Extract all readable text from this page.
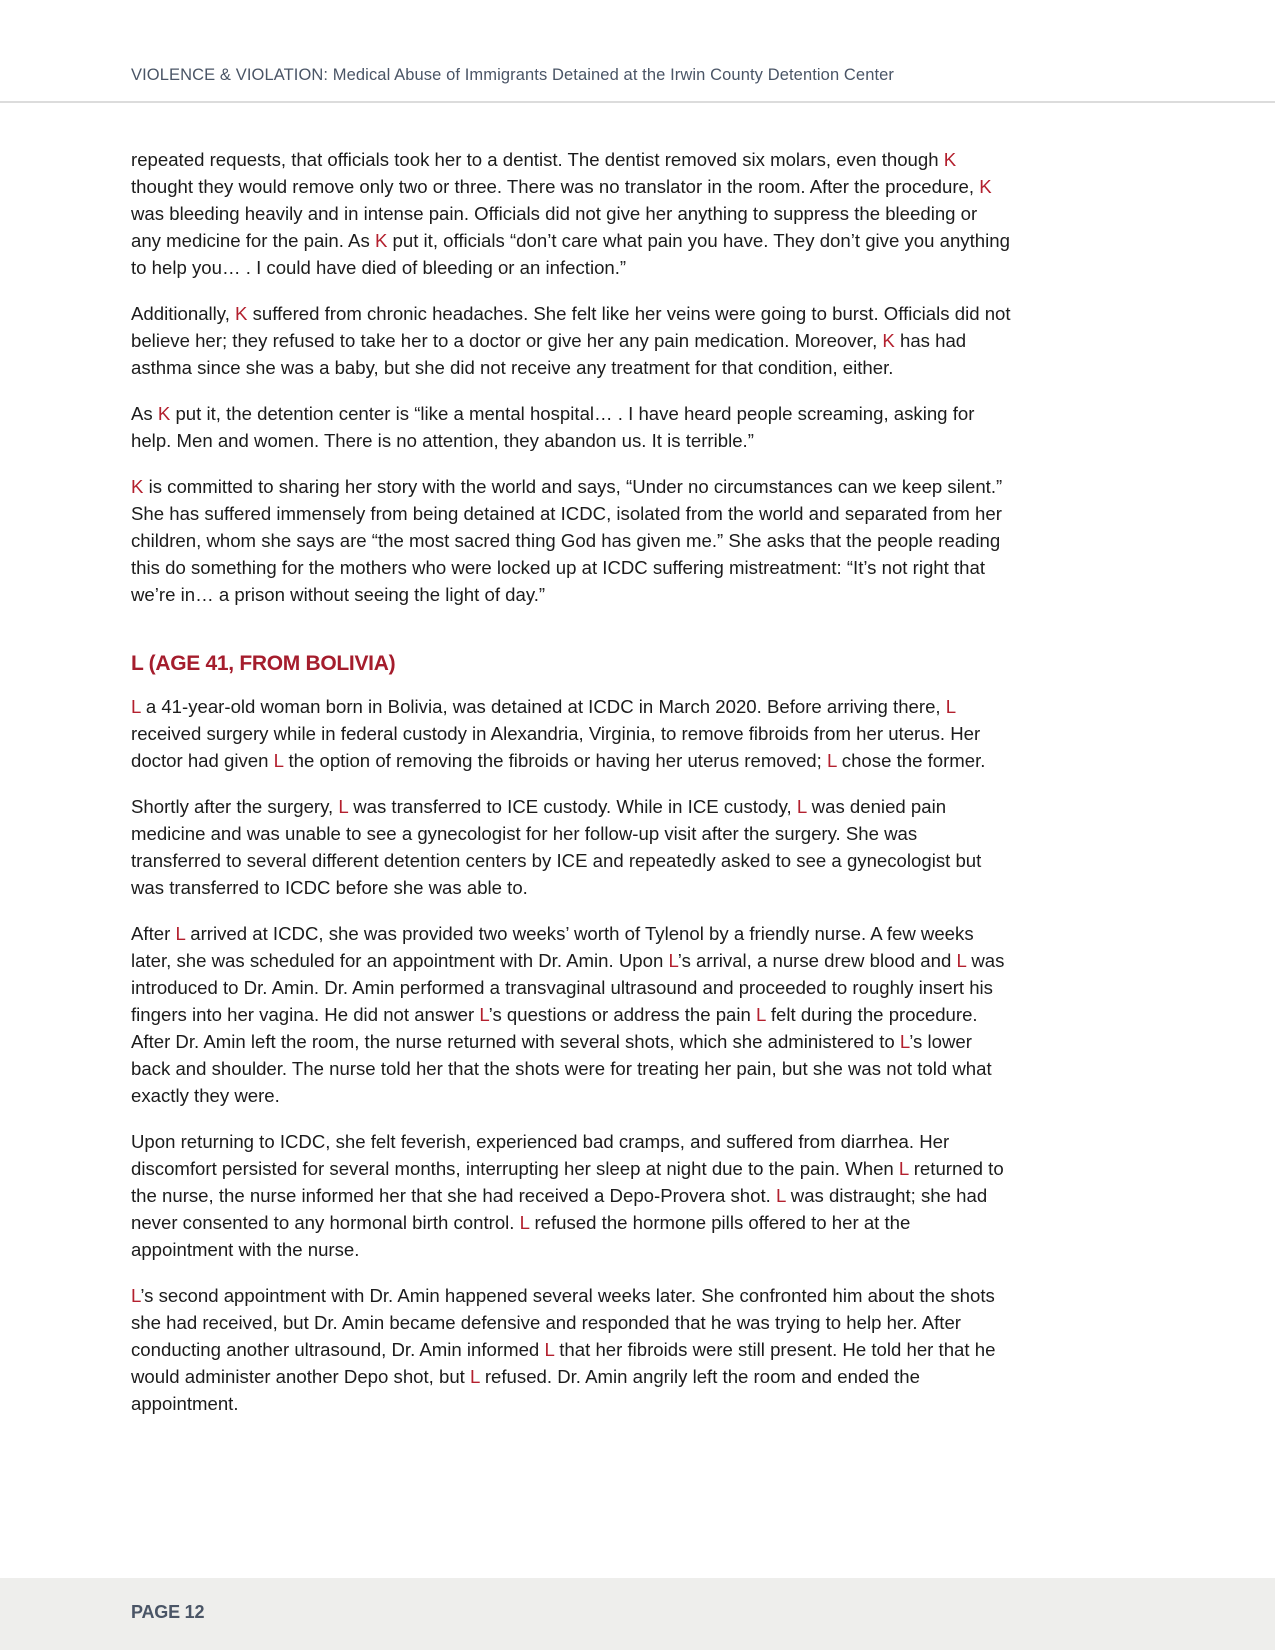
VIOLENCE & VIOLATION: Medical Abuse of Immigrants Detained at the Irwin County Detention Center

repeated requests, that officials took her to a dentist. The dentist removed six molars, even though K thought they would remove only two or three. There was no translator in the room. After the procedure, K was bleeding heavily and in intense pain. Officials did not give her anything to suppress the bleeding or any medicine for the pain. As K put it, officials “don’t care what pain you have. They don’t give you anything to help you… . I could have died of bleeding or an infection.”

Additionally, K suffered from chronic headaches. She felt like her veins were going to burst. Officials did not believe her; they refused to take her to a doctor or give her any pain medication. Moreover, K has had asthma since she was a baby, but she did not receive any treatment for that condition, either.

As K put it, the detention center is “like a mental hospital… . I have heard people screaming, asking for help. Men and women. There is no attention, they abandon us. It is terrible.”

K is committed to sharing her story with the world and says, “Under no circumstances can we keep silent.” She has suffered immensely from being detained at ICDC, isolated from the world and separated from her children, whom she says are “the most sacred thing God has given me.” She asks that the people reading this do something for the mothers who were locked up at ICDC suffering mistreatment: “It’s not right that we’re in… a prison without seeing the light of day.”

L (AGE 41, FROM BOLIVIA)

L a 41-year-old woman born in Bolivia, was detained at ICDC in March 2020. Before arriving there, L received surgery while in federal custody in Alexandria, Virginia, to remove fibroids from her uterus. Her doctor had given L the option of removing the fibroids or having her uterus removed; L chose the former.

Shortly after the surgery, L was transferred to ICE custody. While in ICE custody, L was denied pain medicine and was unable to see a gynecologist for her follow-up visit after the surgery. She was transferred to several different detention centers by ICE and repeatedly asked to see a gynecologist but was transferred to ICDC before she was able to.

After L arrived at ICDC, she was provided two weeks’ worth of Tylenol by a friendly nurse. A few weeks later, she was scheduled for an appointment with Dr. Amin. Upon L’s arrival, a nurse drew blood and L was introduced to Dr. Amin. Dr. Amin performed a transvaginal ultrasound and proceeded to roughly insert his fingers into her vagina. He did not answer L’s questions or address the pain L felt during the procedure. After Dr. Amin left the room, the nurse returned with several shots, which she administered to L’s lower back and shoulder. The nurse told her that the shots were for treating her pain, but she was not told what exactly they were.

Upon returning to ICDC, she felt feverish, experienced bad cramps, and suffered from diarrhea. Her discomfort persisted for several months, interrupting her sleep at night due to the pain. When L returned to the nurse, the nurse informed her that she had received a Depo-Provera shot. L was distraught; she had never consented to any hormonal birth control. L refused the hormone pills offered to her at the appointment with the nurse.

L’s second appointment with Dr. Amin happened several weeks later. She confronted him about the shots she had received, but Dr. Amin became defensive and responded that he was trying to help her. After conducting another ultrasound, Dr. Amin informed L that her fibroids were still present. He told her that he would administer another Depo shot, but L refused. Dr. Amin angrily left the room and ended the appointment.

PAGE 12
